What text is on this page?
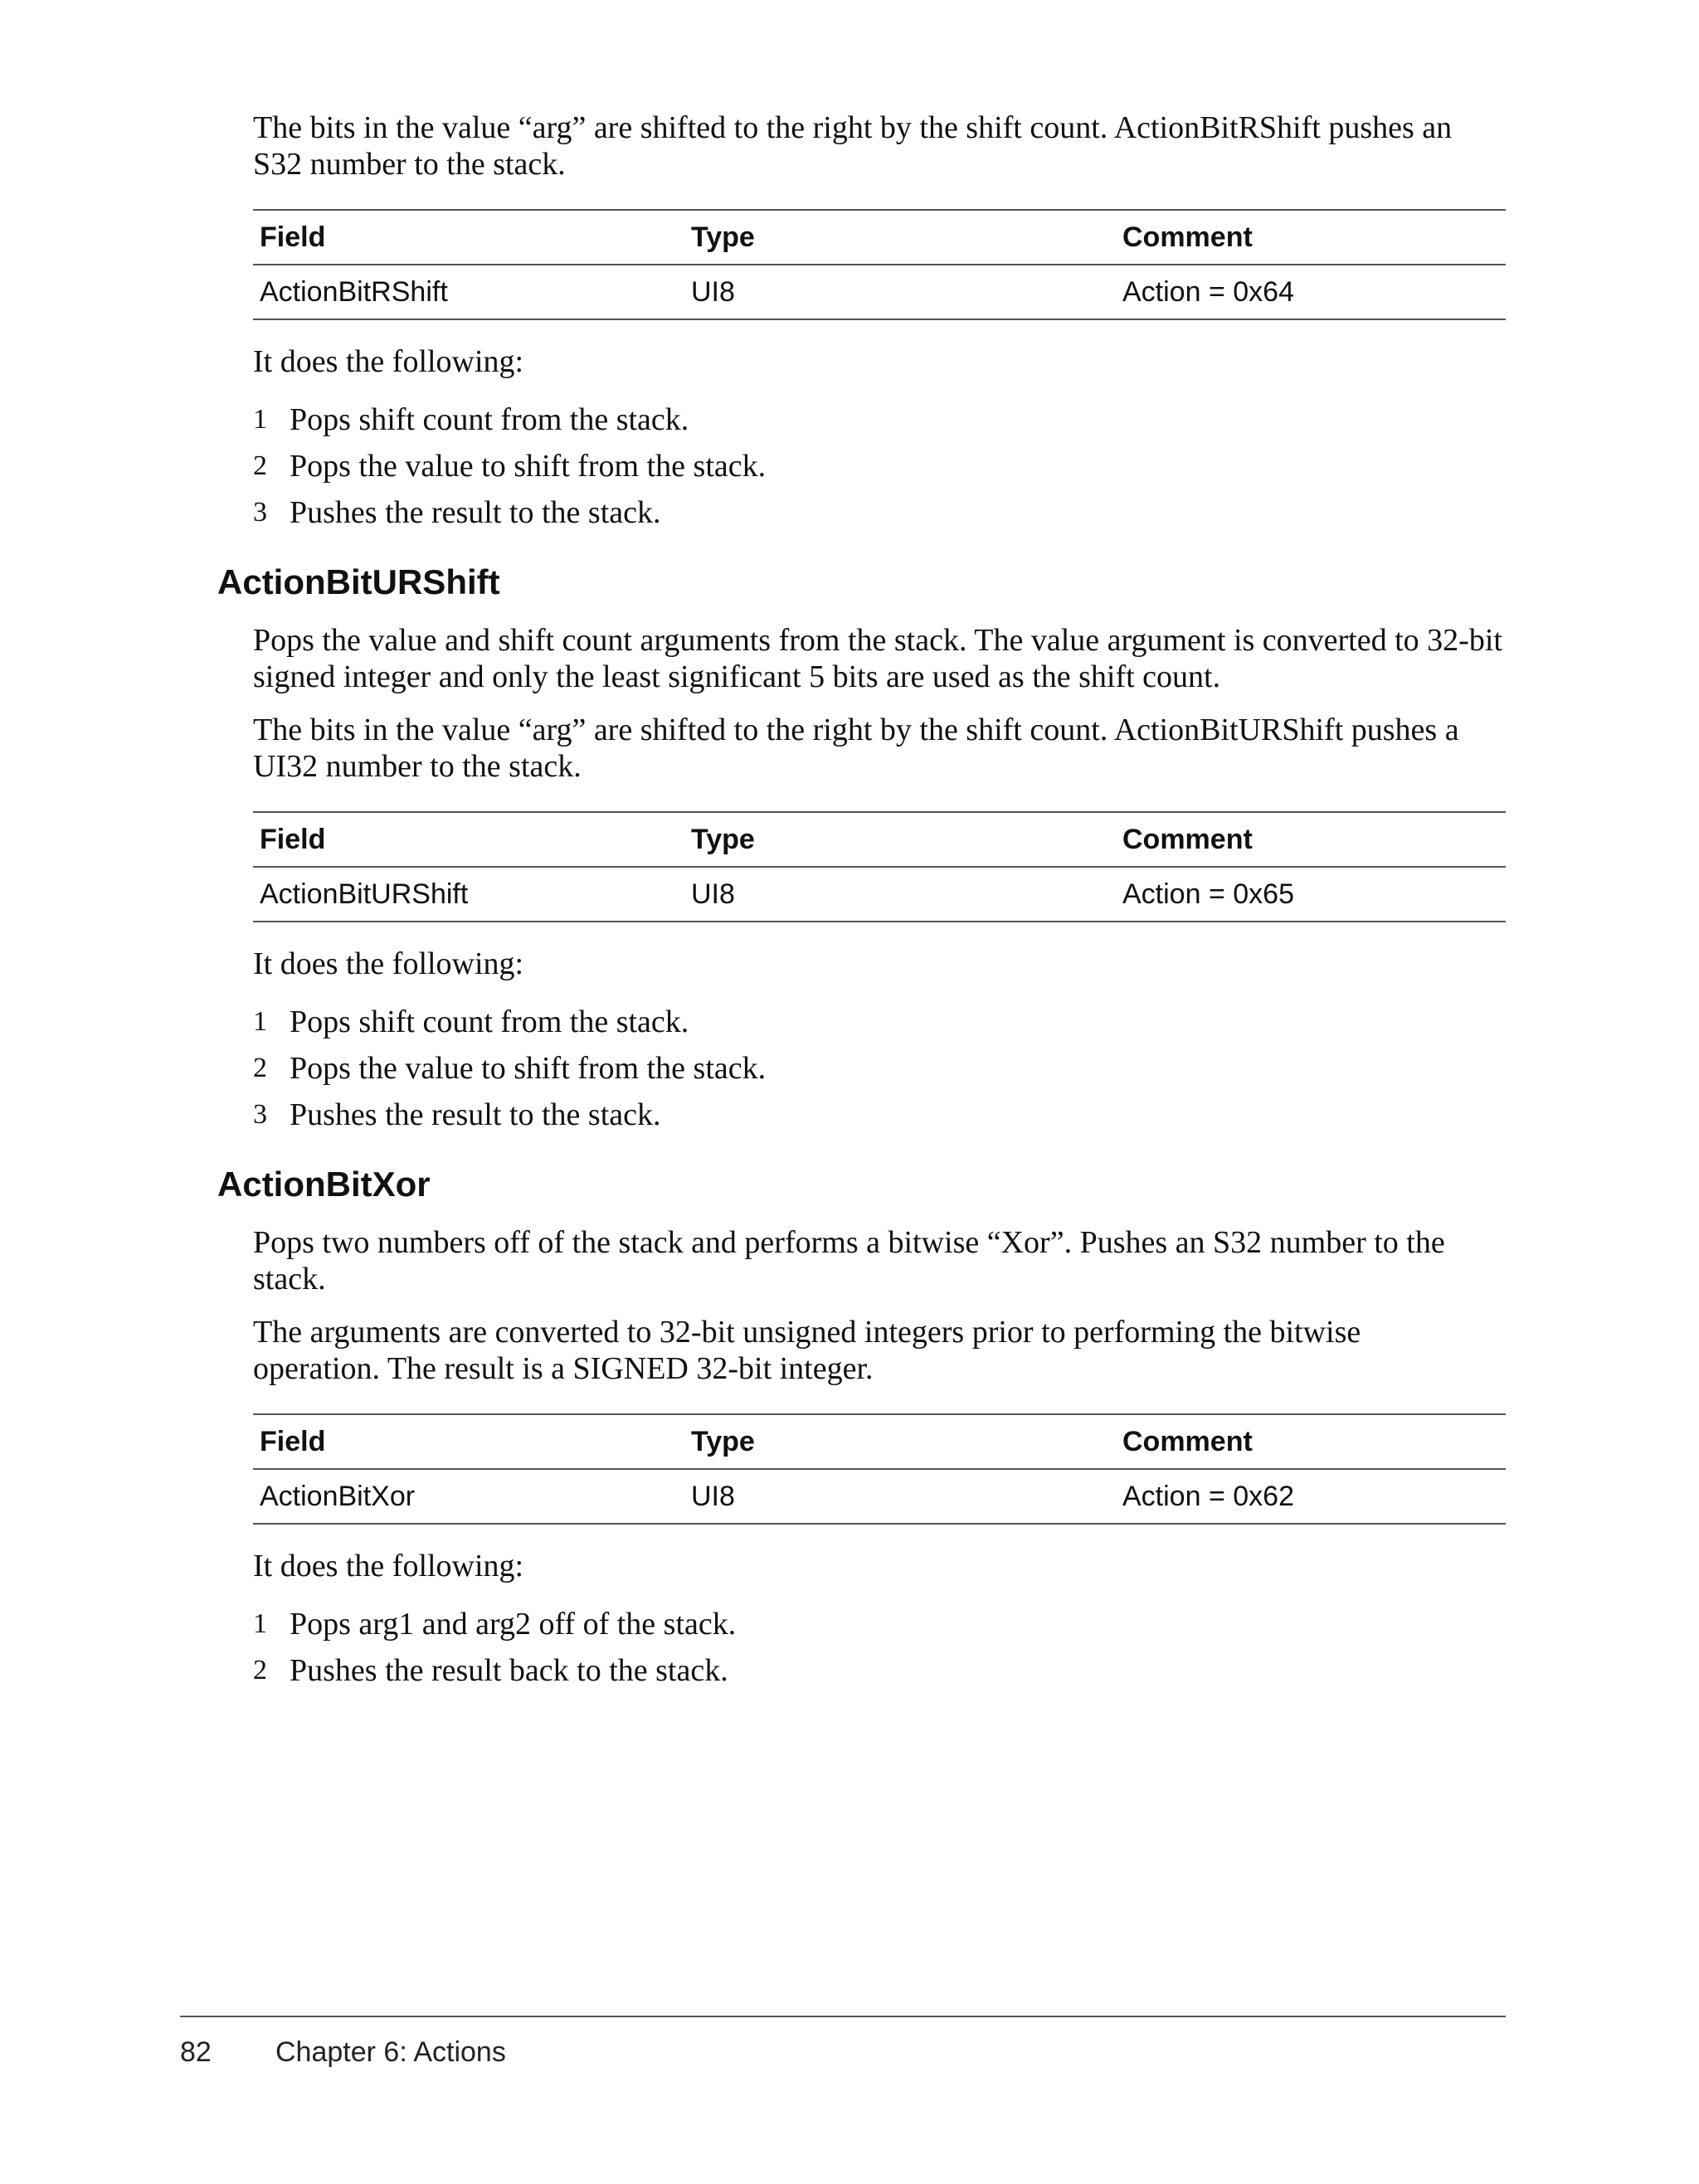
The bits in the value “arg” are shifted to the right by the shift count. ActionBitRShift pushes an S32 number to the stack.

Field	Type	Comment
ActionBitRShift	UI8	Action = 0x64

It does the following:

1 Pops shift count from the stack.
2 Pops the value to shift from the stack.
3 Pushes the result to the stack.
ActionBitURShift

Pops the value and shift count arguments from the stack. The value argument is converted to 32-bit signed integer and only the least significant 5 bits are used as the shift count.

The bits in the value “arg” are shifted to the right by the shift count. ActionBitURShift pushes a UI32 number to the stack.

Field	Type	Comment
ActionBitURShift	UI8	Action = 0x65

It does the following:

1 Pops shift count from the stack.
2 Pops the value to shift from the stack.
3 Pushes the result to the stack.
ActionBitXor

Pops two numbers off of the stack and performs a bitwise “Xor”. Pushes an S32 number to the stack.

The arguments are converted to 32-bit unsigned integers prior to performing the bitwise operation. The result is a SIGNED 32-bit integer.

Field	Type	Comment
ActionBitXor	UI8	Action = 0x62

It does the following:

1 Pops arg1 and arg2 off of the stack.
2 Pushes the result back to the stack.
82 Chapter 6: Actions
